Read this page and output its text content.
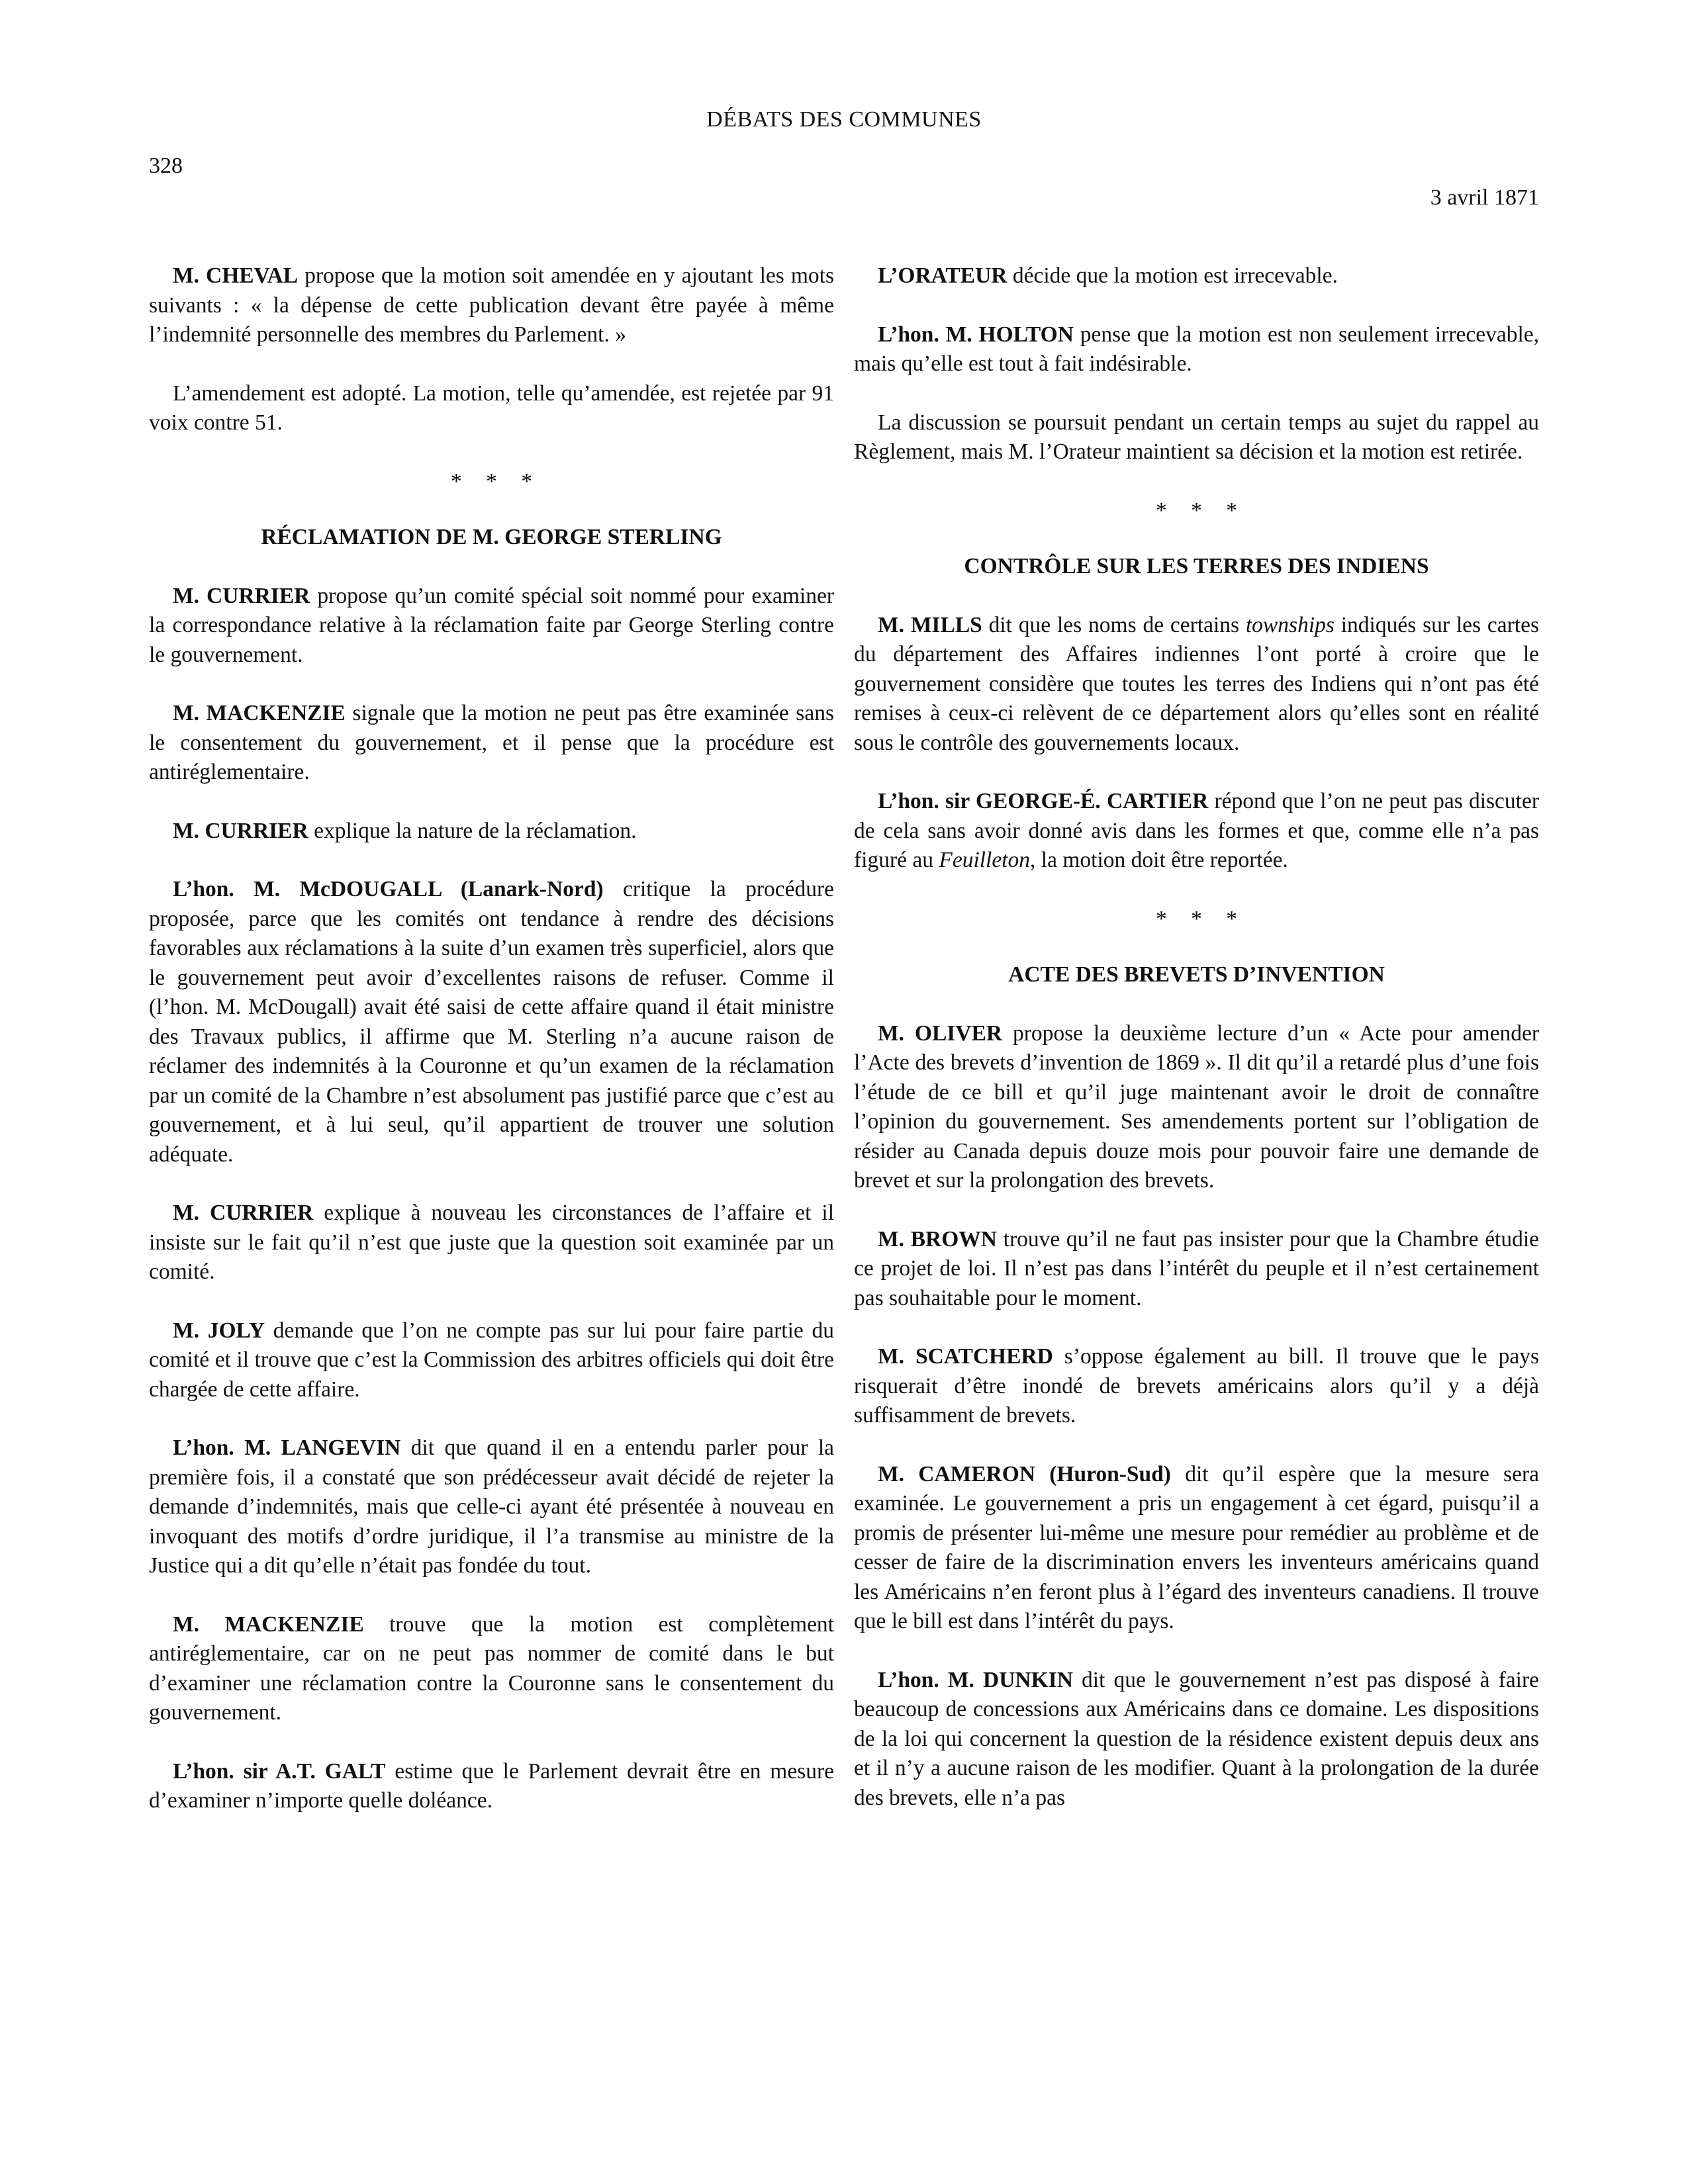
DÉBATS DES COMMUNES
328
3 avril 1871

M. CHEVAL propose que la motion soit amendée en y ajoutant les mots suivants : « la dépense de cette publication devant être payée à même l’indemnité personnelle des membres du Parlement. »

L’amendement est adopté. La motion, telle qu’amendée, est rejetée par 91 voix contre 51.

* * *
RÉCLAMATION DE M. GEORGE STERLING

M. CURRIER propose qu’un comité spécial soit nommé pour examiner la correspondance relative à la réclamation faite par George Sterling contre le gouvernement.

M. MACKENZIE signale que la motion ne peut pas être examinée sans le consentement du gouvernement, et il pense que la procédure est antiréglementaire.

M. CURRIER explique la nature de la réclamation.

L’hon. M. McDOUGALL (Lanark-Nord) critique la procédure proposée, parce que les comités ont tendance à rendre des décisions favorables aux réclamations à la suite d’un examen très superficiel, alors que le gouvernement peut avoir d’excellentes raisons de refuser. Comme il (l’hon. M. McDougall) avait été saisi de cette affaire quand il était ministre des Travaux publics, il affirme que M. Sterling n’a aucune raison de réclamer des indemnités à la Couronne et qu’un examen de la réclamation par un comité de la Chambre n’est absolument pas justifié parce que c’est au gouvernement, et à lui seul, qu’il appartient de trouver une solution adéquate.

M. CURRIER explique à nouveau les circonstances de l’affaire et il insiste sur le fait qu’il n’est que juste que la question soit examinée par un comité.

M. JOLY demande que l’on ne compte pas sur lui pour faire partie du comité et il trouve que c’est la Commission des arbitres officiels qui doit être chargée de cette affaire.

L’hon. M. LANGEVIN dit que quand il en a entendu parler pour la première fois, il a constaté que son prédécesseur avait décidé de rejeter la demande d’indemnités, mais que celle-ci ayant été présentée à nouveau en invoquant des motifs d’ordre juridique, il l’a transmise au ministre de la Justice qui a dit qu’elle n’était pas fondée du tout.

M. MACKENZIE trouve que la motion est complètement antiréglementaire, car on ne peut pas nommer de comité dans le but d’examiner une réclamation contre la Couronne sans le consentement du gouvernement.

L’hon. sir A.T. GALT estime que le Parlement devrait être en mesure d’examiner n’importe quelle doléance.

L’ORATEUR décide que la motion est irrecevable.

L’hon. M. HOLTON pense que la motion est non seulement irrecevable, mais qu’elle est tout à fait indésirable.

La discussion se poursuit pendant un certain temps au sujet du rappel au Règlement, mais M. l’Orateur maintient sa décision et la motion est retirée.

* * *
CONTRÔLE SUR LES TERRES DES INDIENS

M. MILLS dit que les noms de certains townships indiqués sur les cartes du département des Affaires indiennes l’ont porté à croire que le gouvernement considère que toutes les terres des Indiens qui n’ont pas été remises à ceux-ci relèvent de ce département alors qu’elles sont en réalité sous le contrôle des gouvernements locaux.

L’hon. sir GEORGE-É. CARTIER répond que l’on ne peut pas discuter de cela sans avoir donné avis dans les formes et que, comme elle n’a pas figuré au Feuilleton, la motion doit être reportée.

* * *
ACTE DES BREVETS D’INVENTION

M. OLIVER propose la deuxième lecture d’un « Acte pour amender l’Acte des brevets d’invention de 1869 ». Il dit qu’il a retardé plus d’une fois l’étude de ce bill et qu’il juge maintenant avoir le droit de connaître l’opinion du gouvernement. Ses amendements portent sur l’obligation de résider au Canada depuis douze mois pour pouvoir faire une demande de brevet et sur la prolongation des brevets.

M. BROWN trouve qu’il ne faut pas insister pour que la Chambre étudie ce projet de loi. Il n’est pas dans l’intérêt du peuple et il n’est certainement pas souhaitable pour le moment.

M. SCATCHERD s’oppose également au bill. Il trouve que le pays risquerait d’être inondé de brevets américains alors qu’il y a déjà suffisamment de brevets.

M. CAMERON (Huron-Sud) dit qu’il espère que la mesure sera examinée. Le gouvernement a pris un engagement à cet égard, puisqu’il a promis de présenter lui-même une mesure pour remédier au problème et de cesser de faire de la discrimination envers les inventeurs américains quand les Américains n’en feront plus à l’égard des inventeurs canadiens. Il trouve que le bill est dans l’intérêt du pays.

L’hon. M. DUNKIN dit que le gouvernement n’est pas disposé à faire beaucoup de concessions aux Américains dans ce domaine. Les dispositions de la loi qui concernent la question de la résidence existent depuis deux ans et il n’y a aucune raison de les modifier. Quant à la prolongation de la durée des brevets, elle n’a pas
